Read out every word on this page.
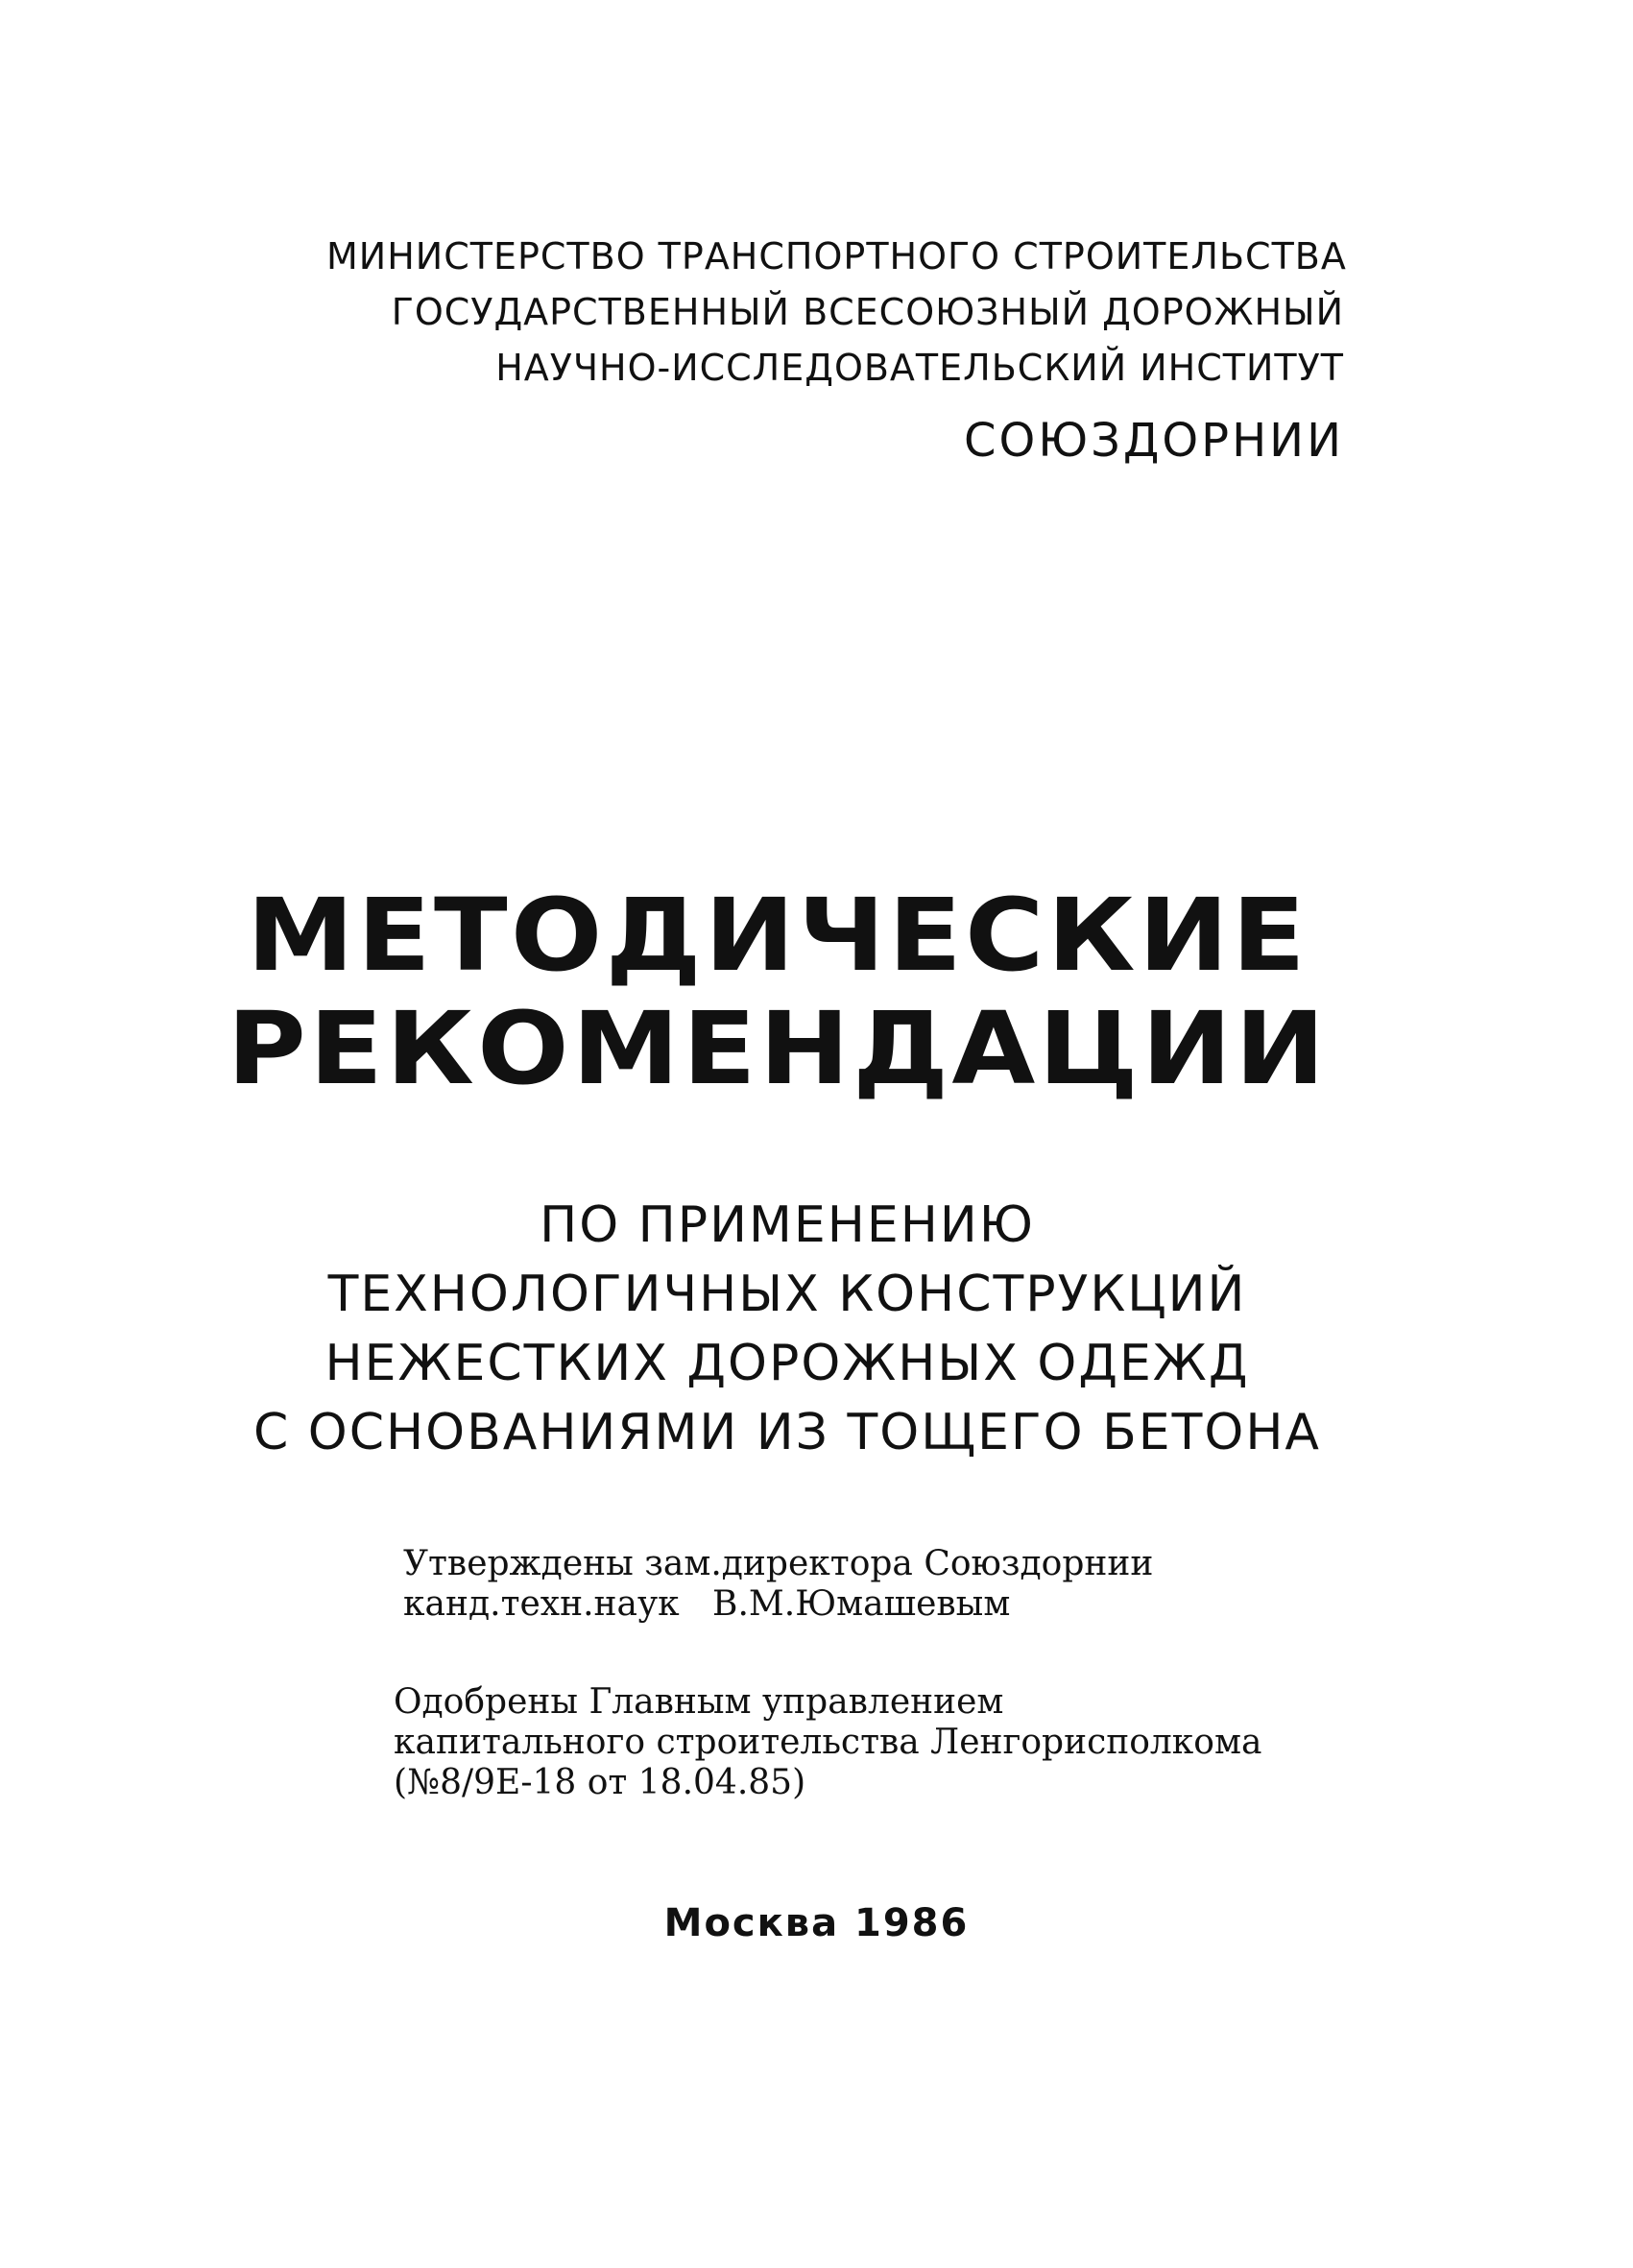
МИНИСТЕРСТВО ТРАНСПОРТНОГО СТРОИТЕЛЬСТВА
ГОСУДАРСТВЕННЫЙ ВСЕСОЮЗНЫЙ ДОРОЖНЫЙ
НАУЧНО-ИССЛЕДОВАТЕЛЬСКИЙ ИНСТИТУТ
СОЮЗДОРНИИ
МЕТОДИЧЕСКИЕ
РЕКОМЕНДАЦИИ
ПО ПРИМЕНЕНИЮ
ТЕХНОЛОГИЧНЫХ КОНСТРУКЦИЙ
НЕЖЕСТКИХ ДОРОЖНЫХ ОДЕЖД
С ОСНОВАНИЯМИ ИЗ ТОЩЕГО БЕТОНА
Утверждены зам.директора Союздорнии
канд.техн.наук   В.М.Юмашевым
Одобрены Главным управлением
капитального строительства Ленгорисполкома
(№8/9Е-18 от 18.04.85)
Москва 1986
